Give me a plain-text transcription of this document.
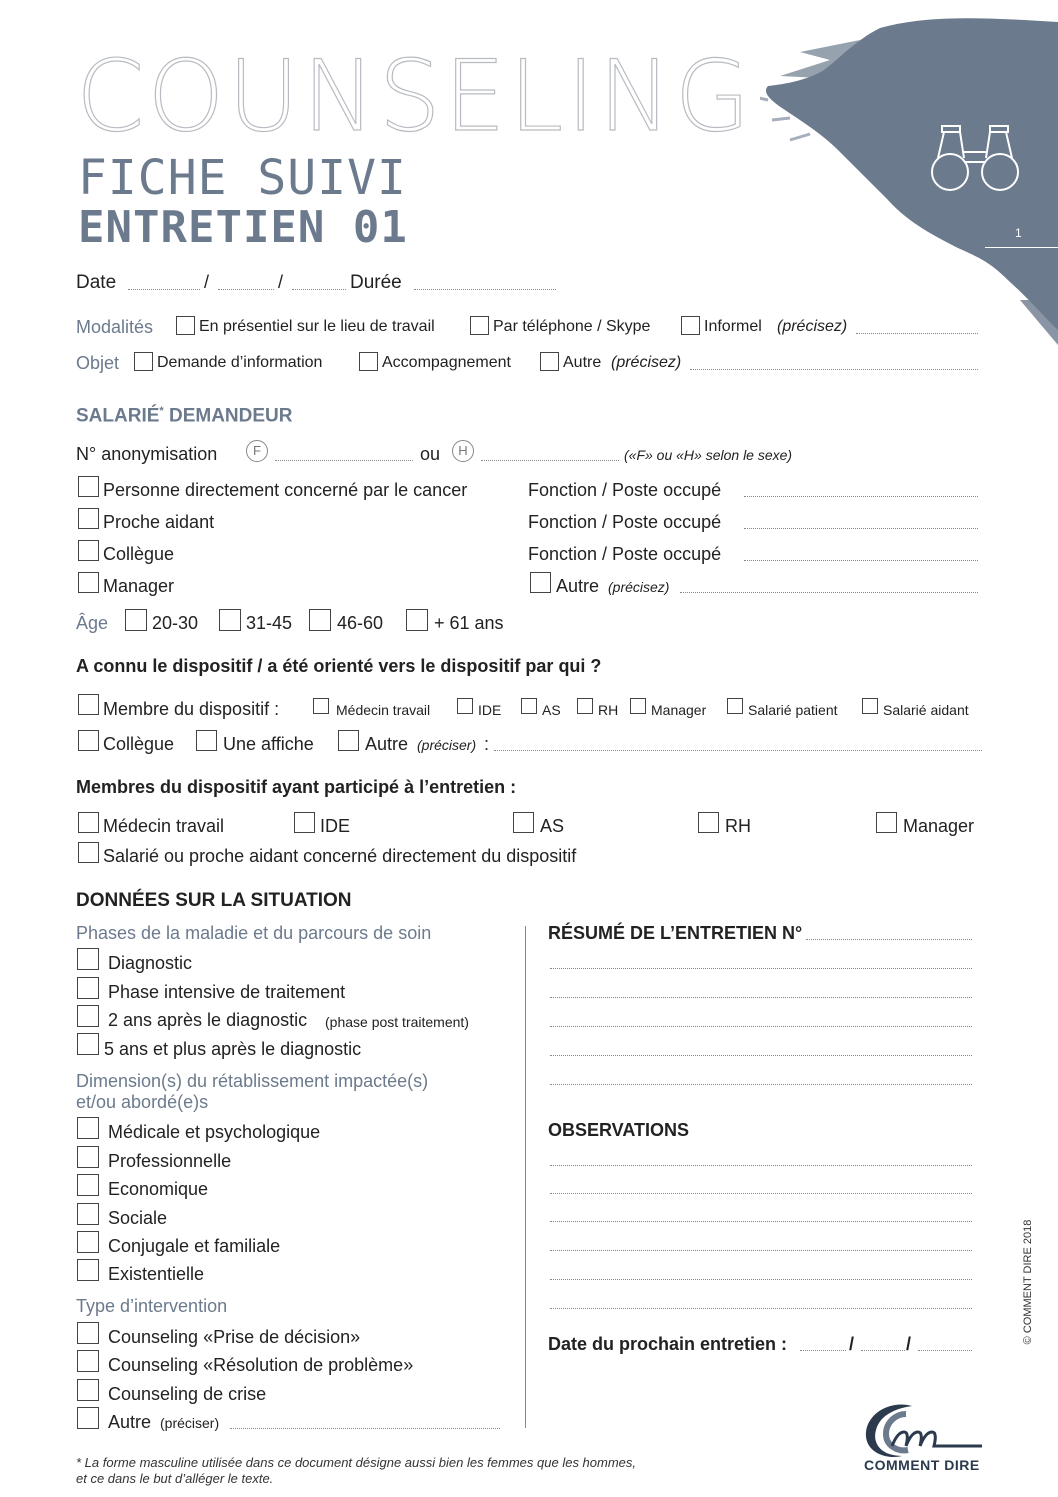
1
COUNSELING
FICHE SUIVI
ENTRETIEN 01
Date	/	/	Durée
Modalités	En présentiel sur le lieu de travail	Par téléphone / Skype	Informel (précisez)
Objet Demande d’information	Accompagnement	Autre (précisez)
SALARIÉ* DEMANDEUR
N° anonymisation	F	ou	H	(«F» ou «H» selon le sexe)
Personne directement concerné par le cancer	Fonction / Poste occupé
Proche aidant	Fonction / Poste occupé
Collègue	Fonction / Poste occupé
Manager	Autre (précisez)
Âge 20-30	31-45 46-60	+ 61 ans
A connu le dispositif / a été orienté vers le dispositif par qui ?
Membre du dispositif :	Médecin travail	IDE	AS	RH Manager	Salarié patient	Salarié aidant
Collègue	Une affiche	Autre (préciser) :
Membres du dispositif ayant participé à l’entretien :
Médecin travail	IDE	AS	RH	Manager
Salarié ou proche aidant concerné directement du dispositif
DONNÉES SUR LA SITUATION
Phases de la maladie et du parcours de soin
Diagnostic
Phase intensive de traitement
2 ans après le diagnostic (phase post traitement)
5 ans et plus après le diagnostic
Dimension(s) du rétablissement impactée(s)
et/ou abordé(e)s
Médicale et psychologique
Professionnelle
Economique
Sociale
Conjugale et familiale
Existentielle
Type d’intervention
Counseling «Prise de décision»
Counseling «Résolution de problème»
Counseling de crise
Autre (préciser)
RÉSUMÉ DE L’ENTRETIEN N°
OBSERVATIONS
Date du prochain entretien :	/	/	© COMMENT DIRE 2018
COMMENT DIRE
* La forme masculine utilisée dans ce document désigne aussi bien les femmes que les hommes,
et ce dans le but d’alléger le texte.
